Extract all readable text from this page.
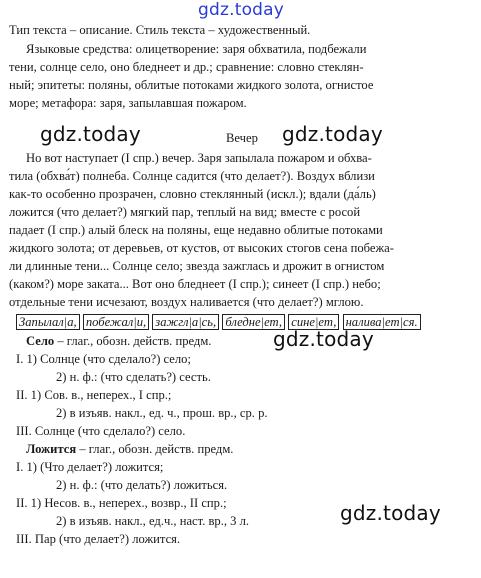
gdz.today
Тип текста – описание. Стиль текста – художественный.
Языковые средства: олицетворение: заря обхватила, подбежали
тени, солнце село, оно бледнеет и др.; сравнение: словно стеклян-
ный; эпитеты: поляны, облитые потоками жидкого золота, огнистое
море; метафора: заря, запылавшая пожаром.
gdz.today	Вечер gdz.today
Но вот наступает (I спр.) вечер. Заря запылала пожаром и обхва-
тила (обхва́т) полнеба. Солнце садится (что делает?). Воздух вблизи
как-то особенно прозрачен, словно стеклянный (искл.); вдали (да́ль)
ложится (что делает?) мягкий пар, теплый на вид; вместе с росой
падает (I спр.) алый блеск на поляны, еще недавно облитые потоками
жидкого золота; от деревьев, от кустов, от высоких стогов сена побежа-
ли длинные тени... Солнце село; звезда зажглась и дрожит в огнистом
(каком?) море заката... Вот оно бледнеет (I спр.); синеет (I спр.) небо;
отдельные тени исчезают, воздух наливается (что делает?) мглою.
Запылал|а, побежал|и, зажгл|а|сь, бледне|ет, сине|ет, налива|ет|ся.
Село – глаг., обозн. действ. предм.
I. 1) Солнце (что сделало?) село;
gdz.today
2) н. ф.: (что сделать?) сесть.
II. 1) Сов. в., неперех., I спр.;
2) в изъяв. накл., ед. ч., прош. вр., ср. р.
III. Солнце (что сделало?) село.
Ложится – глаг., обозн. действ. предм.
I. 1) (Что делает?) ложится;
2) н. ф.: (что делать?) ложиться.
gdz.today
II. 1) Несов. в., неперех., возвр., II спр.;
2) в изъяв. накл., ед.ч., наст. вр., 3 л.
III. Пар (что делает?) ложится.
